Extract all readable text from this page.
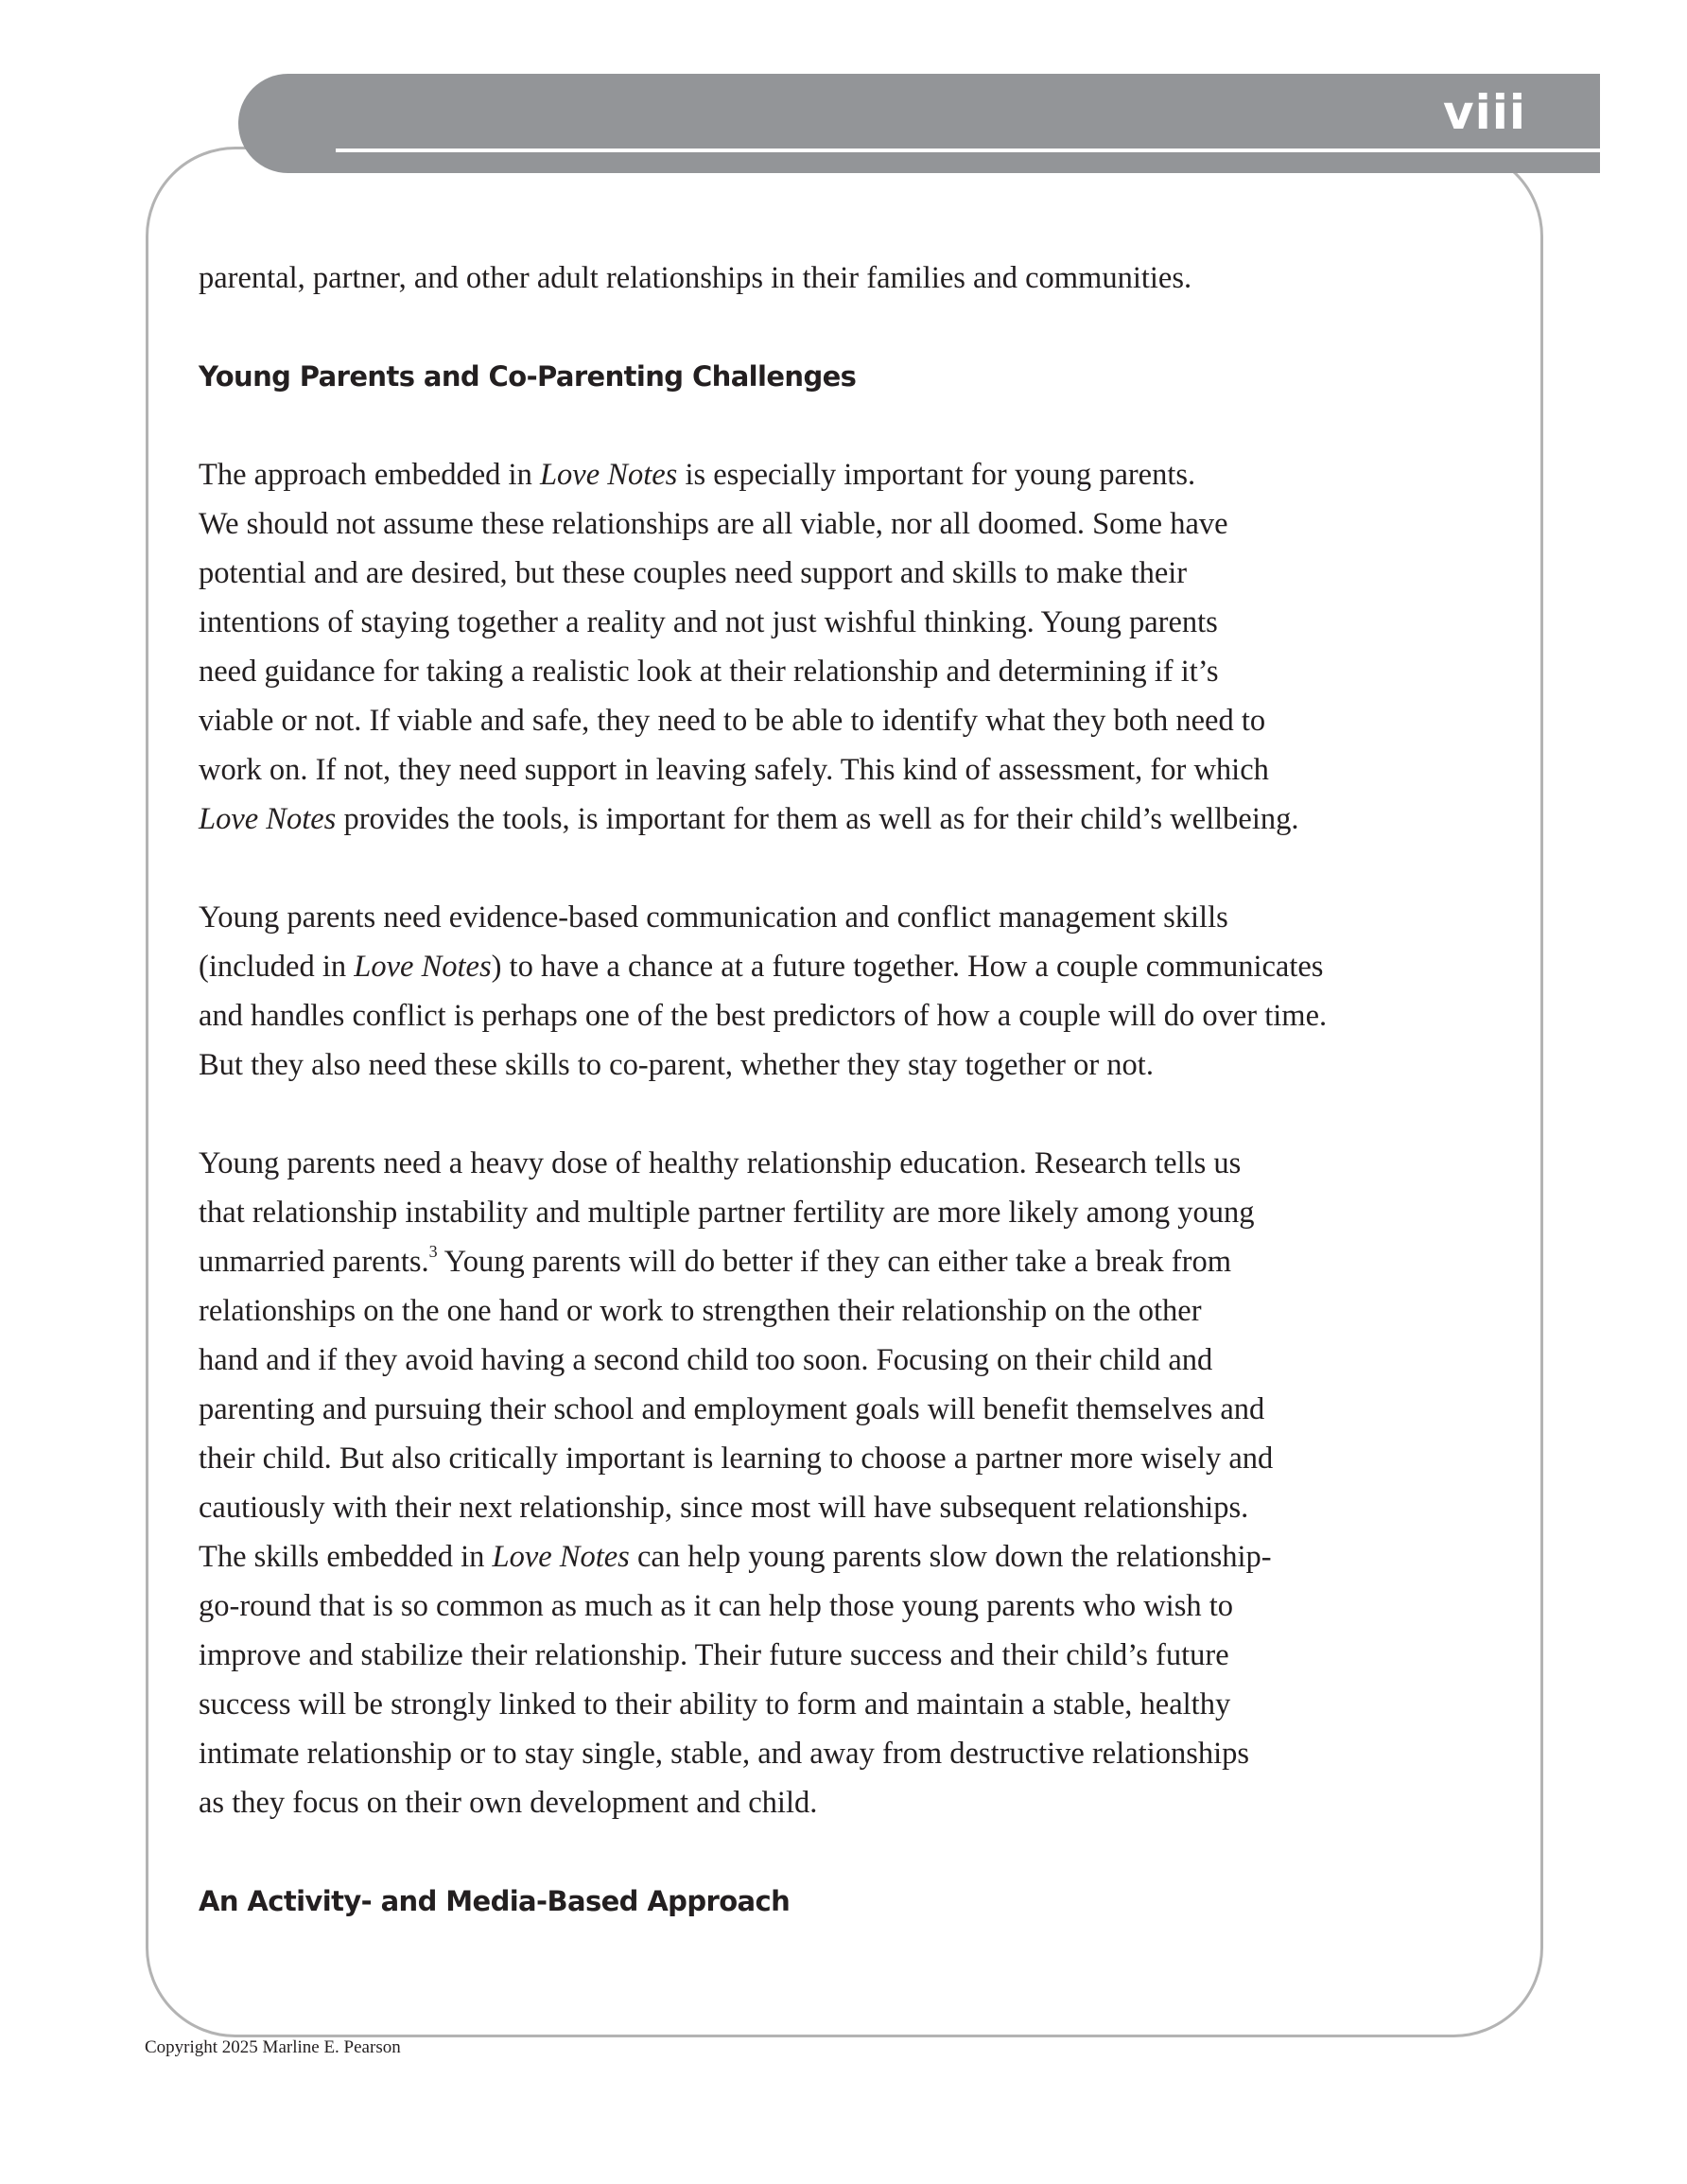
viii

parental, partner, and other adult relationships in their families and communities.

Young Parents and Co-Parenting Challenges

The approach embedded in Love Notes is especially important for young parents.
We should not assume these relationships are all viable, nor all doomed. Some have
potential and are desired, but these couples need support and skills to make their
intentions of staying together a reality and not just wishful thinking. Young parents
need guidance for taking a realistic look at their relationship and determining if it’s
viable or not. If viable and safe, they need to be able to identify what they both need to
work on. If not, they need support in leaving safely. This kind of assessment, for which
Love Notes provides the tools, is important for them as well as for their child’s wellbeing.

Young parents need evidence-based communication and conflict management skills
(included in Love Notes) to have a chance at a future together. How a couple communicates
and handles conflict is perhaps one of the best predictors of how a couple will do over time.
But they also need these skills to co-parent, whether they stay together or not.

Young parents need a heavy dose of healthy relationship education. Research tells us
that relationship instability and multiple partner fertility are more likely among young
unmarried parents.$^3$ Young parents will do better if they can either take a break from
relationships on the one hand or work to strengthen their relationship on the other
hand and if they avoid having a second child too soon. Focusing on their child and
parenting and pursuing their school and employment goals will benefit themselves and
their child. But also critically important is learning to choose a partner more wisely and
cautiously with their next relationship, since most will have subsequent relationships.
The skills embedded in Love Notes can help young parents slow down the relationship-
go-round that is so common as much as it can help those young parents who wish to
improve and stabilize their relationship. Their future success and their child’s future
success will be strongly linked to their ability to form and maintain a stable, healthy
intimate relationship or to stay single, stable, and away from destructive relationships
as they focus on their own development and child.

An Activity- and Media-Based Approach
Copyright 2025 Marline E. Pearson
